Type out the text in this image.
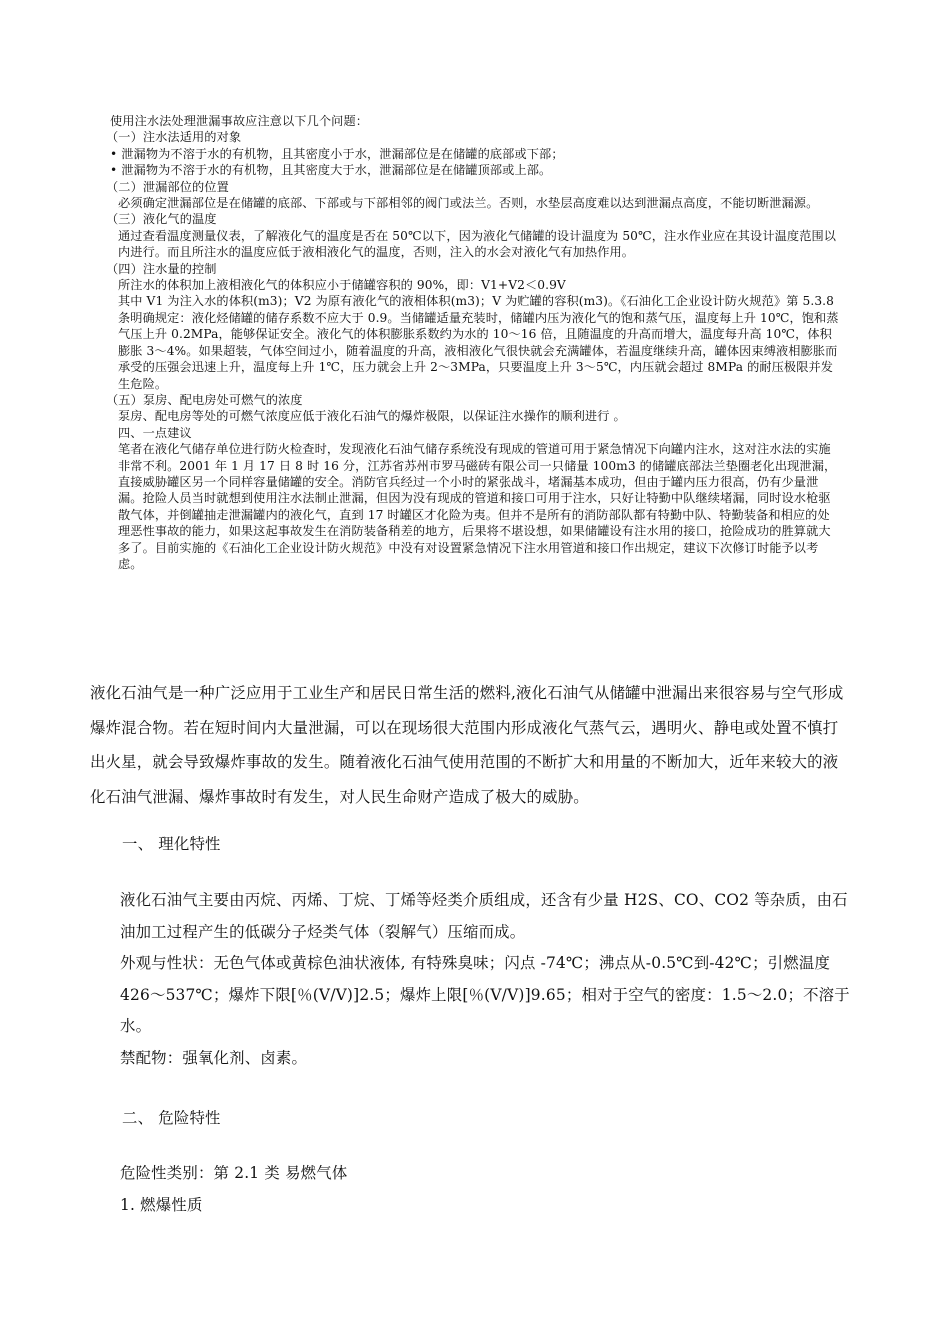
使用注水法处理泄漏事故应注意以下几个问题：

（一）注水法适用的对象

• 泄漏物为不溶于水的有机物，且其密度小于水，泄漏部位是在储罐的底部或下部；

• 泄漏物为不溶于水的有机物，且其密度大于水，泄漏部位是在储罐顶部或上部。

（二）泄漏部位的位置

必须确定泄漏部位是在储罐的底部、下部或与下部相邻的阀门或法兰。否则，水垫层高度难以达到泄漏点高度，不能切断泄漏源。

（三）液化气的温度

通过查看温度测量仪表，了解液化气的温度是否在 50℃以下，因为液化气储罐的设计温度为 50℃，注水作业应在其设计温度范围以内进行。而且所注水的温度应低于液相液化气的温度，否则，注入的水会对液化气有加热作用。

（四）注水量的控制

所注水的体积加上液相液化气的体积应小于储罐容积的 90%，即：V1+V2＜0.9V

其中 V1 为注入水的体积(m3)；V2 为原有液化气的液相体积(m3)；V 为贮罐的容积(m3)。《石油化工企业设计防火规范》第 5.3.8 条明确规定：液化烃储罐的储存系数不应大于 0.9。当储罐适量充装时，储罐内压为液化气的饱和蒸气压，温度每上升 10℃，饱和蒸气压上升 0.2MPa，能够保证安全。液化气的体积膨胀系数约为水的 10～16 倍，且随温度的升高而增大，温度每升高 10℃，体积膨胀 3～4%。如果超装，气体空间过小，随着温度的升高，液相液化气很快就会充满罐体，若温度继续升高，罐体因束缚液相膨胀而承受的压强会迅速上升，温度每上升 1℃，压力就会上升 2～3MPa，只要温度上升 3～5℃，内压就会超过 8MPa 的耐压极限并发生危险。

（五）泵房、配电房处可燃气的浓度

泵房、配电房等处的可燃气浓度应低于液化石油气的爆炸极限，以保证注水操作的顺利进行 。

四、一点建议

笔者在液化气储存单位进行防火检查时，发现液化石油气储存系统没有现成的管道可用于紧急情况下向罐内注水，这对注水法的实施非常不利。2001 年 1 月 17 日 8 时 16 分，江苏省苏州市罗马磁砖有限公司一只储量 100m3 的储罐底部法兰垫圈老化出现泄漏，直接威胁罐区另一个同样容量储罐的安全。消防官兵经过一个小时的紧张战斗，堵漏基本成功，但由于罐内压力很高，仍有少量泄漏。抢险人员当时就想到使用注水法制止泄漏，但因为没有现成的管道和接口可用于注水，只好让特勤中队继续堵漏，同时设水枪驱散气体，并倒罐抽走泄漏罐内的液化气，直到 17 时罐区才化险为夷。但并不是所有的消防部队都有特勤中队、特勤装备和相应的处理恶性事故的能力，如果这起事故发生在消防装备稍差的地方，后果将不堪设想，如果储罐设有注水用的接口，抢险成功的胜算就大多了。目前实施的《石油化工企业设计防火规范》中没有对设置紧急情况下注水用管道和接口作出规定，建议下次修订时能予以考虑。

液化石油气是一种广泛应用于工业生产和居民日常生活的燃料,液化石油气从储罐中泄漏出来很容易与空气形成爆炸混合物。若在短时间内大量泄漏，可以在现场很大范围内形成液化气蒸气云，遇明火、静电或处置不慎打出火星，就会导致爆炸事故的发生。随着液化石油气使用范围的不断扩大和用量的不断加大，近年来较大的液化石油气泄漏、爆炸事故时有发生，对人民生命财产造成了极大的威胁。

一、 理化特性

液化石油气主要由丙烷、丙烯、丁烷、丁烯等烃类介质组成，还含有少量 H2S、CO、CO2 等杂质，由石油加工过程产生的低碳分子烃类气体（裂解气）压缩而成。

外观与性状：无色气体或黄棕色油状液体, 有特殊臭味；闪点 -74℃；沸点从-0.5℃到-42℃；引燃温度 426～537℃；爆炸下限[％(V/V)]2.5；爆炸上限[％(V/V)]9.65；相对于空气的密度：1.5～2.0；不溶于水。

禁配物：强氧化剂、卤素。

二、 危险特性

危险性类别：第 2.1 类 易燃气体

1. 燃爆性质
